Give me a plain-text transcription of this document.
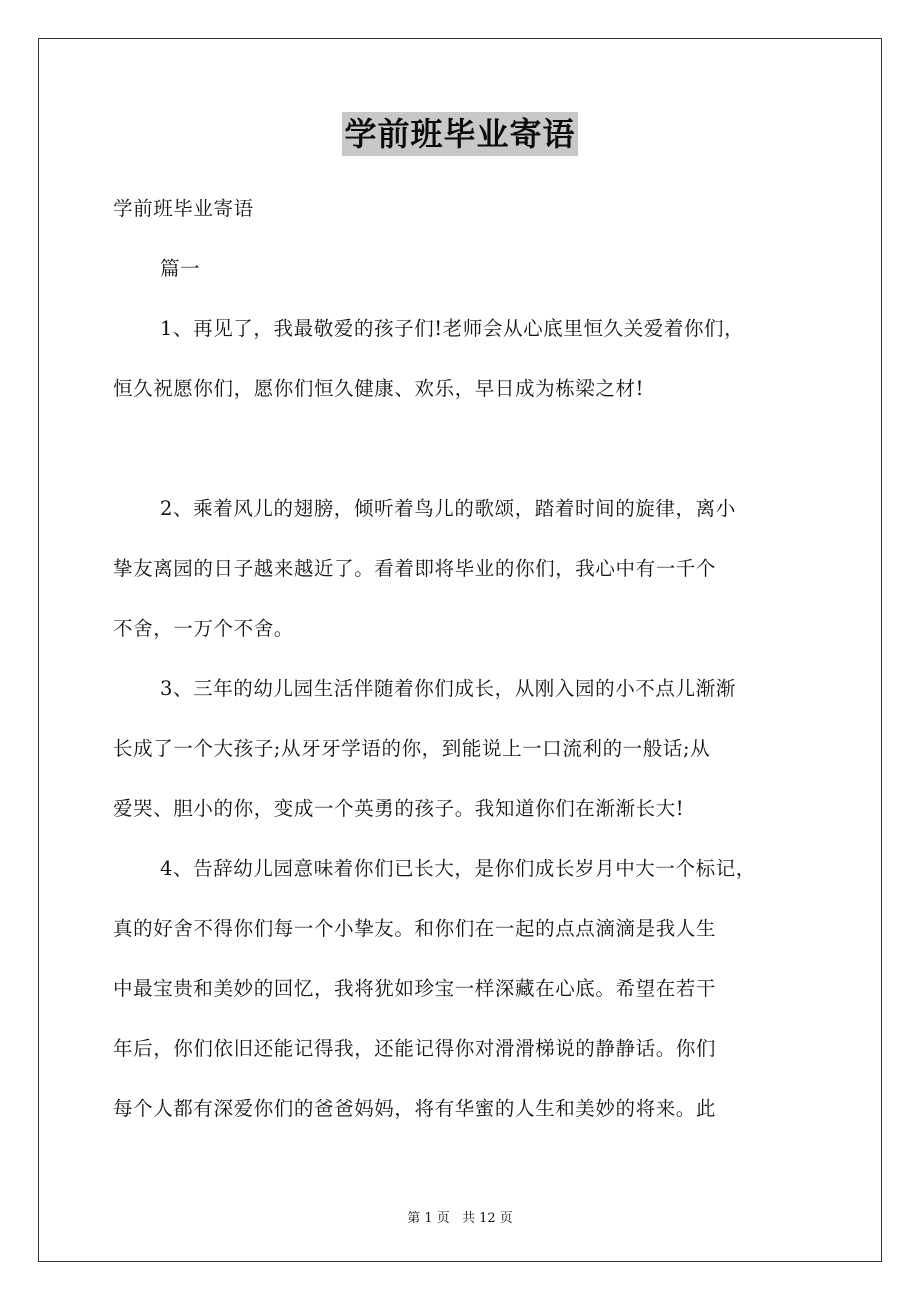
学前班毕业寄语
学前班毕业寄语
篇一
1、再见了，我最敬爱的孩子们!老师会从心底里恒久关爱着你们，
恒久祝愿你们，愿你们恒久健康、欢乐，早日成为栋梁之材!
2、乘着风儿的翅膀，倾听着鸟儿的歌颂，踏着时间的旋律，离小
挚友离园的日子越来越近了。看着即将毕业的你们，我心中有一千个
不舍，一万个不舍。
3、三年的幼儿园生活伴随着你们成长，从刚入园的小不点儿渐渐
长成了一个大孩子;从牙牙学语的你，到能说上一口流利的一般话;从
爱哭、胆小的你，变成一个英勇的孩子。我知道你们在渐渐长大!
4、告辞幼儿园意味着你们已长大，是你们成长岁月中大一个标记，
真的好舍不得你们每一个小挚友。和你们在一起的点点滴滴是我人生
中最宝贵和美妙的回忆，我将犹如珍宝一样深藏在心底。希望在若干
年后，你们依旧还能记得我，还能记得你对滑滑梯说的静静话。你们
每个人都有深爱你们的爸爸妈妈，将有华蜜的人生和美妙的将来。此
第 1 页 共 12 页
